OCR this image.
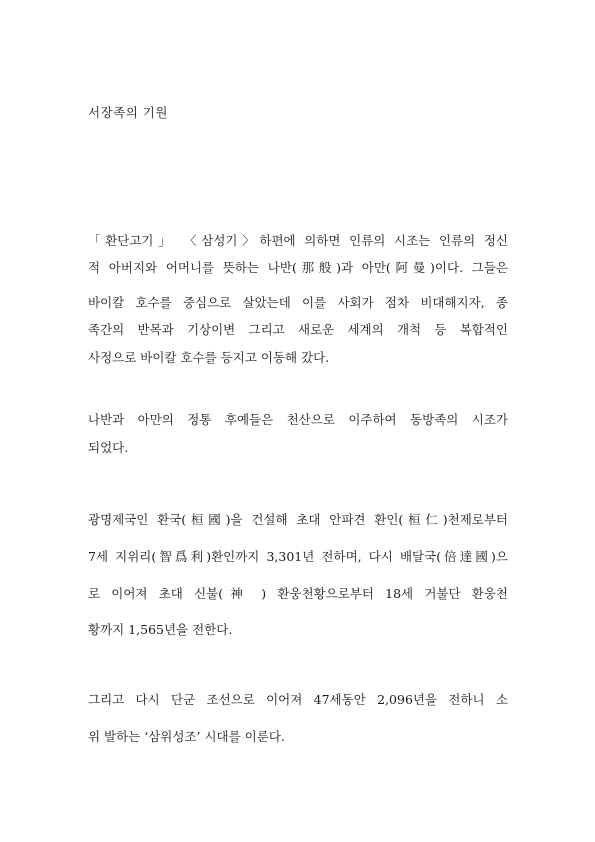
서장족의 기원
「환단고기」 〈삼성기〉하편에 의하면 인류의 시조는 인류의 정신
적 아버지와 어머니를 뜻하는 나반(那般)과 아만(阿曼)이다. 그들은
바이칼 호수를 중심으로 살았는데 이를 사회가 점차 비대해지자, 종
족간의 반목과 기상이변 그리고 새로운 세계의 개척 등 복합적인
사정으로 바이칼 호수를 등지고 이동해 갔다.
나반과 아만의 정통 후예들은 천산으로 이주하여 동방족의 시조가
되었다.
광명제국인 환국(桓國)을 건설해 초대 안파견 환인(桓仁)천제로부터
7세 지위리(智爲利)환인까지 3,301년 전하며, 다시 배달국(倍達國)으
로 이어져 초대 신불(神 ) 환웅천황으로부터 18세 거불단 환웅천
황까지 1,565년을 전한다.
그리고 다시 단군 조선으로 이어져 47세동안 2,096년을 전하니 소
위 발하는 ‘삼위성조’ 시대를 이룬다.
